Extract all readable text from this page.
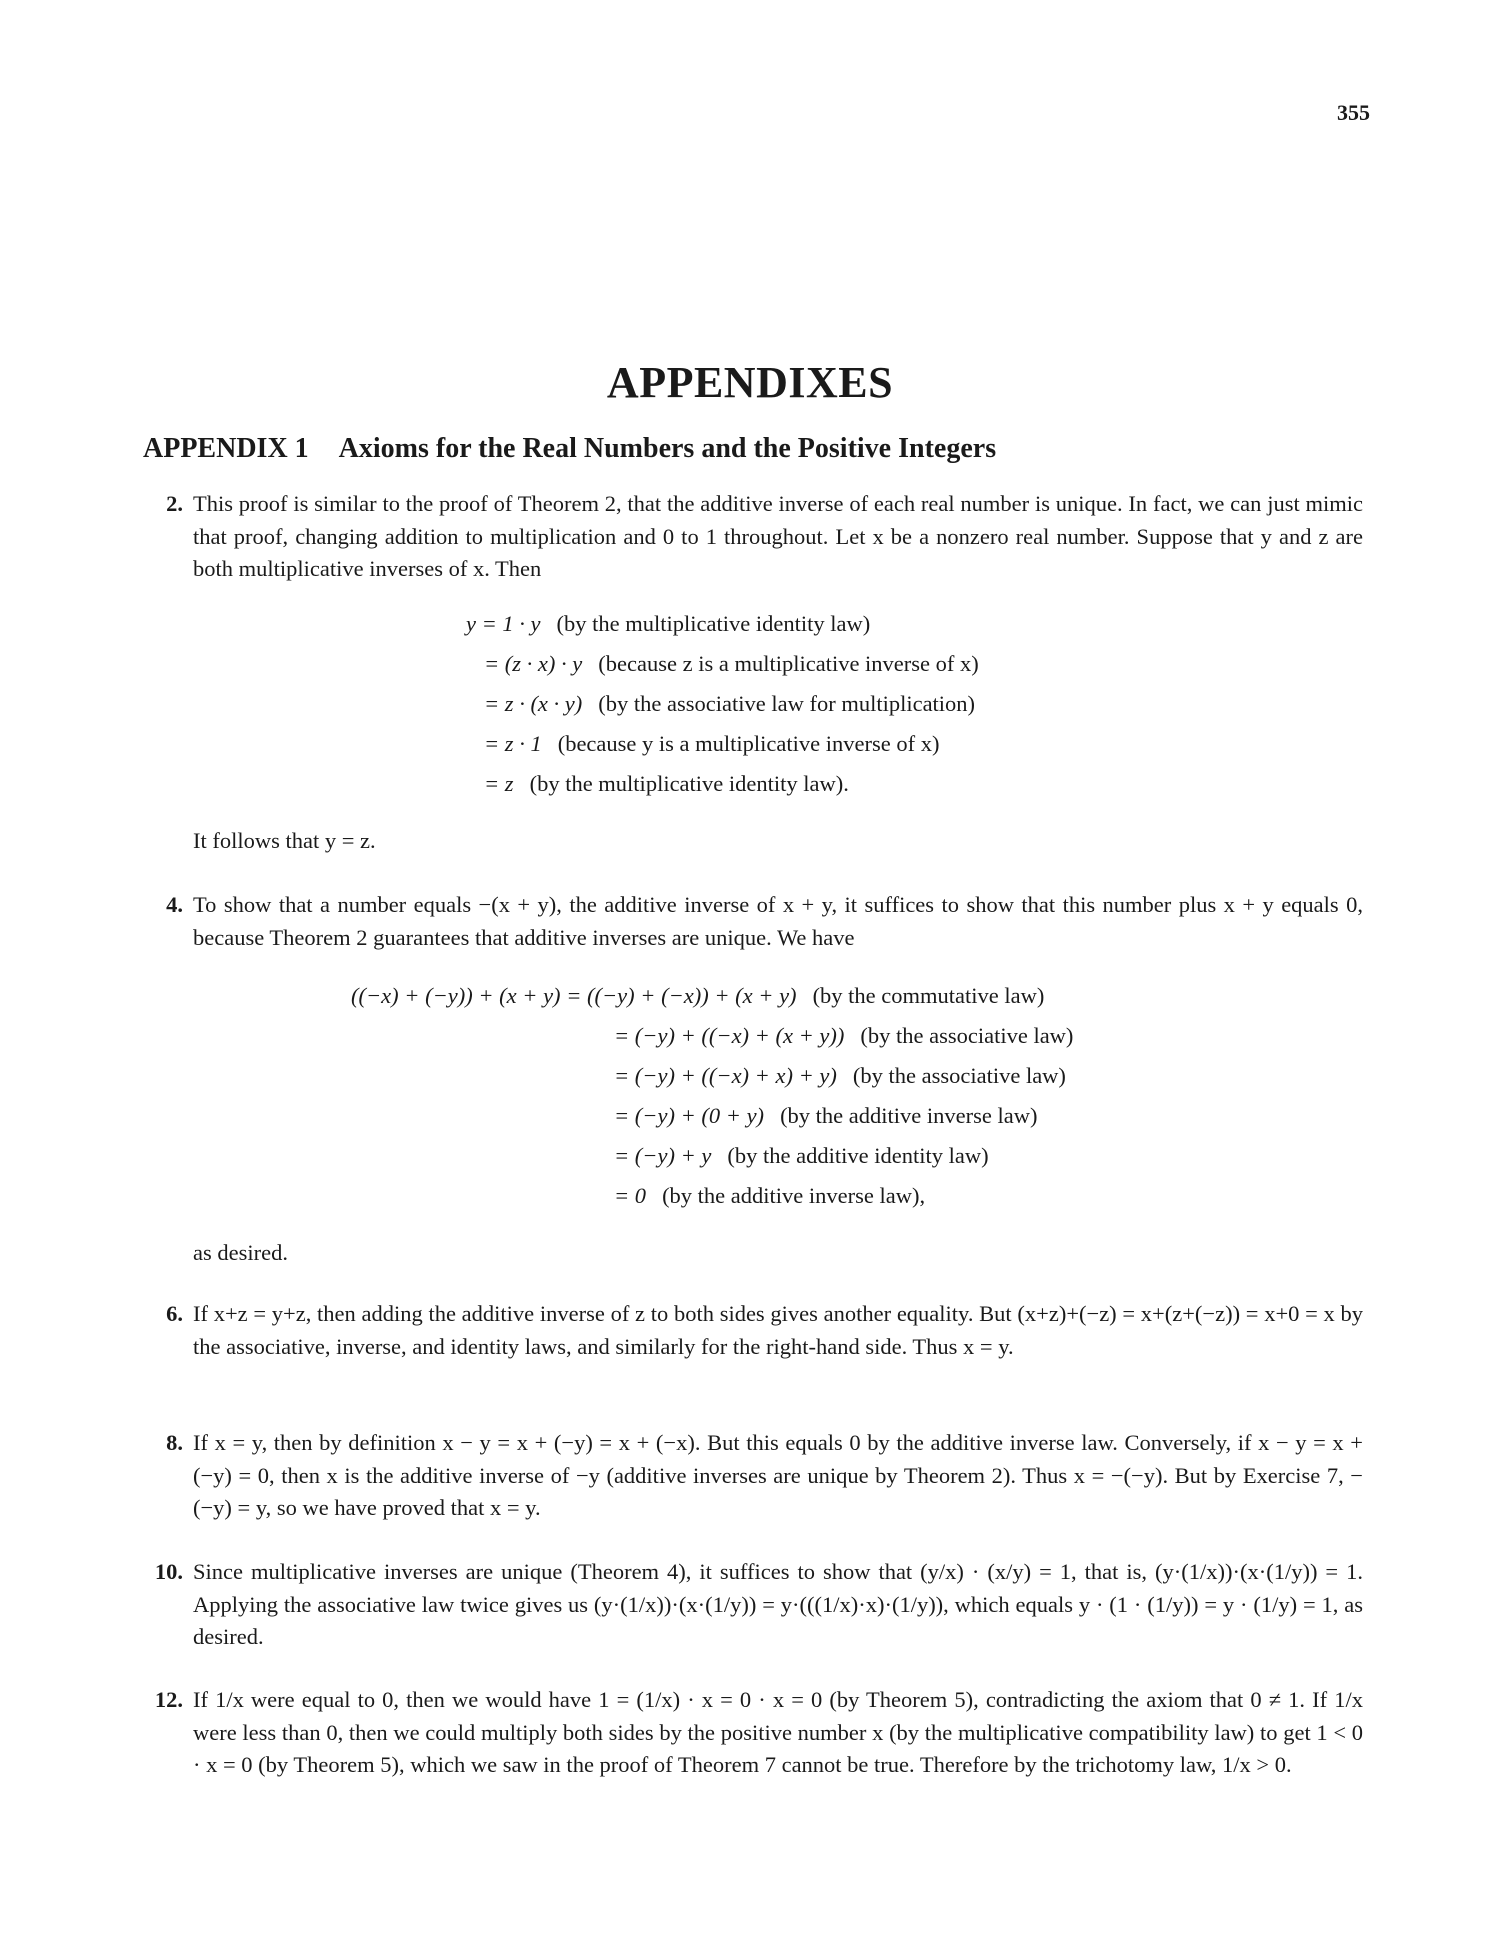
355
APPENDIXES
APPENDIX 1 Axioms for the Real Numbers and the Positive Integers
2. This proof is similar to the proof of Theorem 2, that the additive inverse of each real number is unique. In fact, we can just mimic that proof, changing addition to multiplication and 0 to 1 throughout. Let x be a nonzero real number. Suppose that y and z are both multiplicative inverses of x. Then
y = 1 · y (by the multiplicative identity law)
= (z · x) · y (because z is a multiplicative inverse of x)
= z · (x · y) (by the associative law for multiplication)
= z · 1 (because y is a multiplicative inverse of x)
= z (by the multiplicative identity law).
It follows that y = z.
4. To show that a number equals −(x + y), the additive inverse of x + y, it suffices to show that this number plus x + y equals 0, because Theorem 2 guarantees that additive inverses are unique. We have
((−x) + (−y)) + (x + y) = ((−y) + (−x)) + (x + y) (by the commutative law)
= (−y) + ((−x) + (x + y)) (by the associative law)
= (−y) + ((−x) + x) + y) (by the associative law)
= (−y) + (0 + y) (by the additive inverse law)
= (−y) + y (by the additive identity law)
= 0 (by the additive inverse law),
as desired.
6. If x+z = y+z, then adding the additive inverse of z to both sides gives another equality. But (x+z)+(−z) = x+(z+(−z)) = x+0 = x by the associative, inverse, and identity laws, and similarly for the right-hand side. Thus x = y.
8. If x = y, then by definition x − y = x + (−y) = x + (−x). But this equals 0 by the additive inverse law. Conversely, if x − y = x + (−y) = 0, then x is the additive inverse of −y (additive inverses are unique by Theorem 2). Thus x = −(−y). But by Exercise 7, −(−y) = y, so we have proved that x = y.
10. Since multiplicative inverses are unique (Theorem 4), it suffices to show that (y/x) · (x/y) = 1, that is, (y·(1/x))·(x·(1/y)) = 1. Applying the associative law twice gives us (y·(1/x))·(x·(1/y)) = y·(((1/x)·x)·(1/y)), which equals y · (1 · (1/y)) = y · (1/y) = 1, as desired.
12. If 1/x were equal to 0, then we would have 1 = (1/x) · x = 0 · x = 0 (by Theorem 5), contradicting the axiom that 0 ≠ 1. If 1/x were less than 0, then we could multiply both sides by the positive number x (by the multiplicative compatibility law) to get 1 < 0 · x = 0 (by Theorem 5), which we saw in the proof of Theorem 7 cannot be true. Therefore by the trichotomy law, 1/x > 0.
